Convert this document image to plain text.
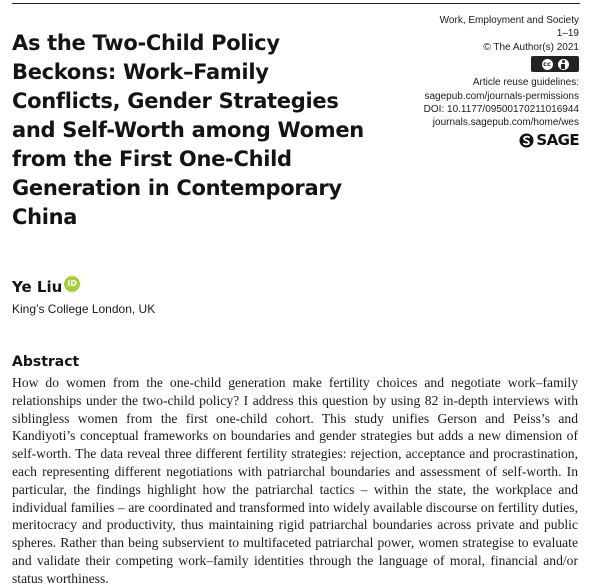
As the Two-Child Policy Beckons: Work–Family Conflicts, Gender Strategies and Self-Worth among Women from the First One-Child Generation in Contemporary China
Work, Employment and Society
1–19
© The Author(s) 2021
cc
Article reuse guidelines:
sagepub.com/journals-permissions
DOI: 10.1177/09500170211016944
journals.sagepub.com/home/wes
SAGE
Ye Liu iD
King’s College London, UK
Abstract

How do women from the one-child generation make fertility choices and negotiate work–family relationships under the two-child policy? I address this question by using 82 in-depth interviews with siblingless women from the first one-child cohort. This study unifies Gerson and Peiss’s and Kandiyoti’s conceptual frameworks on boundaries and gender strategies but adds a new dimension of self-worth. The data reveal three different fertility strategies: rejection, acceptance and procrastination, each representing different negotiations with patriarchal boundaries and assessment of self-worth. In particular, the findings highlight how the patriarchal tactics – within the state, the workplace and individual families – are coordinated and transformed into widely available discourse on fertility duties, meritocracy and productivity, thus maintaining rigid patriarchal boundaries across private and public spheres. Rather than being subservient to multifaceted patriarchal power, women strategise to evaluate and validate their competing work–family identities through the language of moral, financial and/or status worthiness.
